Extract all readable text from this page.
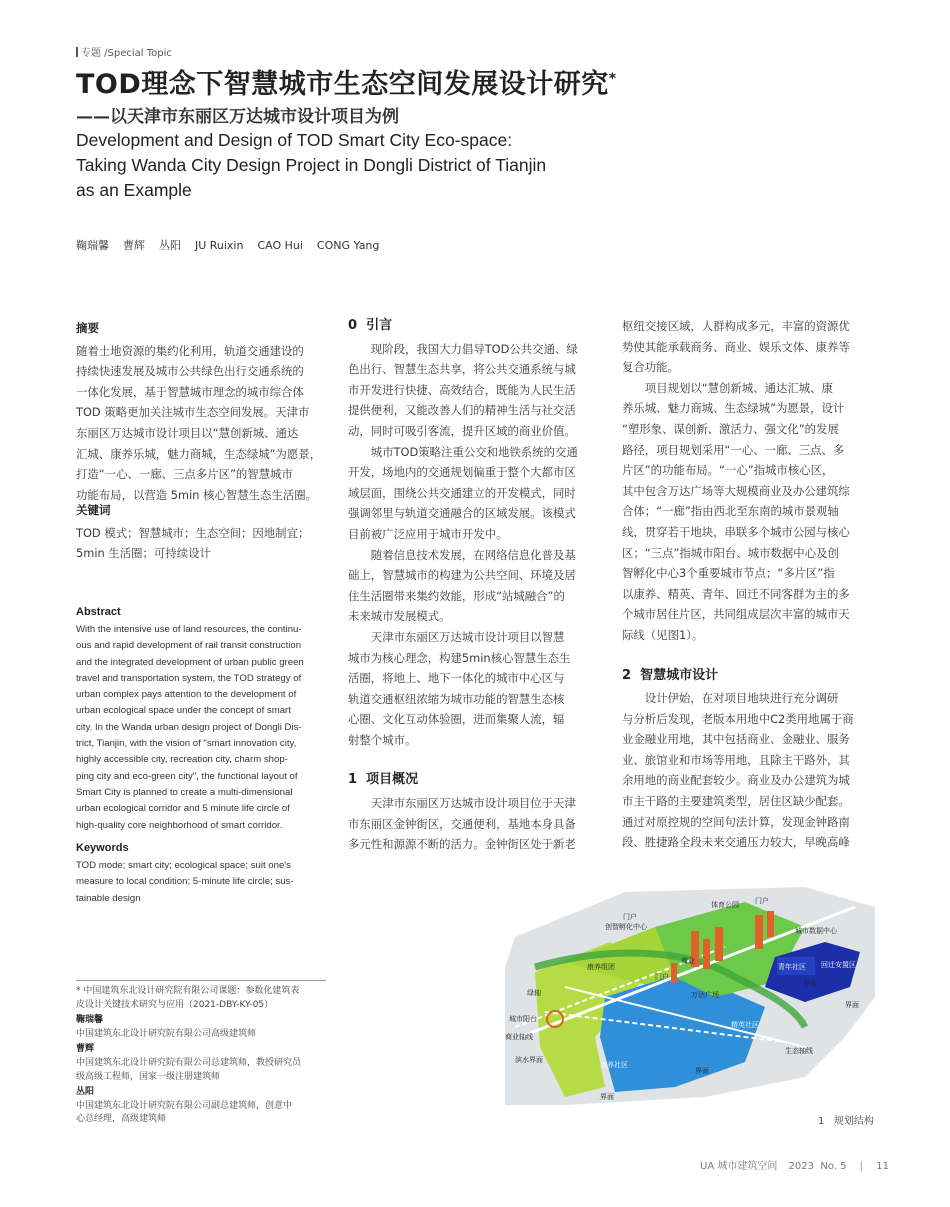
专题 ∕Special Topic
TOD理念下智慧城市生态空间发展设计研究*
——以天津市东丽区万达城市设计项目为例
Development and Design of TOD Smart City Eco-space:
Taking Wanda City Design Project in Dongli District of Tianjin
as an Example
鞠瑞馨    曹辉    丛阳    JU Ruixin    CAO Hui    CONG Yang
摘要
随着土地资源的集约化利用，轨道交通建设的
持续快速发展及城市公共绿色出行交通系统的
一体化发展，基于智慧城市理念的城市综合体
TOD 策略更加关注城市生态空间发展。天津市
东丽区万达城市设计项目以“慧创新城、通达
汇城、康养乐城，魅力商城，生态绿城”为愿景，
打造“一心、一廊、三点多片区”的智慧城市
功能布局，以营造 5min 核心智慧生态生活圈。
关键词
TOD 模式；智慧城市；生态空间；因地制宜；
5min 生活圈；可持续设计
Abstract
With the intensive use of land resources, the continu-
ous and rapid development of rail transit construction
and the integrated development of urban public green
travel and transportation system, the TOD strategy of
urban complex pays attention to the development of
urban ecological space under the concept of smart
city. In the Wanda urban design project of Dongli Dis-
trict, Tianjin, with the vision of "smart innovation city,
highly accessible city, recreation city, charm shop-
ping city and eco-green city", the functional layout of
Smart City is planned to create a multi-dimensional
urban ecological corridor and 5 minute life circle of
high-quality core neighborhood of smart corridor.
Keywords
TOD mode; smart city; ecological space; suit one's
measure to local condition; 5-minute life circle; sus-
tainable design
* 中国建筑东北设计研究院有限公司课题：参数化建筑表
皮设计关键技术研究与应用（2021-DBY-KY-05）
鞠瑞馨
中国建筑东北设计研究院有限公司高级建筑师
曹辉
中国建筑东北设计研究院有限公司总建筑师，教授研究员
级高级工程师，国家一级注册建筑师
丛阳
中国建筑东北设计研究院有限公司副总建筑师，创意中
心总经理，高级建筑师
0  引言
现阶段，我国大力倡导TOD公共交通、绿
色出行、智慧生态共享，将公共交通系统与城
市开发进行快捷、高效结合，既能为人民生活
提供便利，又能改善人们的精神生活与社交活
动，同时可吸引客流，提升区域的商业价值。
城市TOD策略注重公交和地铁系统的交通
开发，场地内的交通规划偏重于整个大都市区
域层面，围绕公共交通建立的开发模式，同时
强调邻里与轨道交通融合的区域发展。该模式
目前被广泛应用于城市开发中。
随着信息技术发展，在网络信息化普及基
础上，智慧城市的构建为公共空间、环境及居
住生活圈带来集约效能，形成“站城融合”的
未来城市发展模式。
天津市东丽区万达城市设计项目以智慧
城市为核心理念，构建5min核心智慧生态生
活圈，将地上、地下一体化的城市中心区与
轨道交通枢纽浓缩为城市功能的智慧生态核
心圈、文化互动体验圈，进而集聚人流，辐
射整个城市。
1  项目概况
天津市东丽区万达城市设计项目位于天津
市东丽区金钟街区，交通便利，基地本身具备
多元性和源源不断的活力。金钟街区处于新老
枢纽交接区域，人群构成多元，丰富的资源优
势使其能承载商务、商业、娱乐文体、康养等
复合功能。
项目规划以“慧创新城、通达汇城、康
养乐城、魅力商城、生态绿城”为愿景，设计
“塑形象、谋创新、激活力、强文化”的发展
路径，项目规划采用“一心、一廊、三点、多
片区”的功能布局。“一心”指城市核心区，
其中包含万达广场等大规模商业及办公建筑综
合体；“一廊”指由西北至东南的城市景观轴
线，贯穿若干地块，串联多个城市公园与核心
区；“三点”指城市阳台、城市数据中心及创
智孵化中心3个重要城市节点；“多片区”指
以康养、精英、青年、回迁不同客群为主的多
个城市居住片区，共同组成层次丰富的城市天
际线（见图1）。
2  智慧城市设计
设计伊始，在对项目地块进行充分调研
与分析后发现，老版本用地中C2类用地属于商
业金融业用地，其中包括商业、金融业、服务
业、旅馆业和市场等用地，且除主干路外，其
余用地的商业配套较少。商业及办公建筑为城
市主干路的主要建筑类型，居住区缺少配套。
通过对原控规的空间句法计算，发现金钟路南
段、胜捷路全段未来交通压力较大，早晚高峰
创智孵化中心
门户
体育公园 门户
城市数据中心
青年社区 回迁安置区
康养组团
商业
万达广场
精英社区
城市阳台
绿轴
商业轴线
生态轴线
滨水界面
康养社区
界面
界面
界面
界面
门户
1   规划结构
UA 城市建筑空间 2023  No. 5 | 11
